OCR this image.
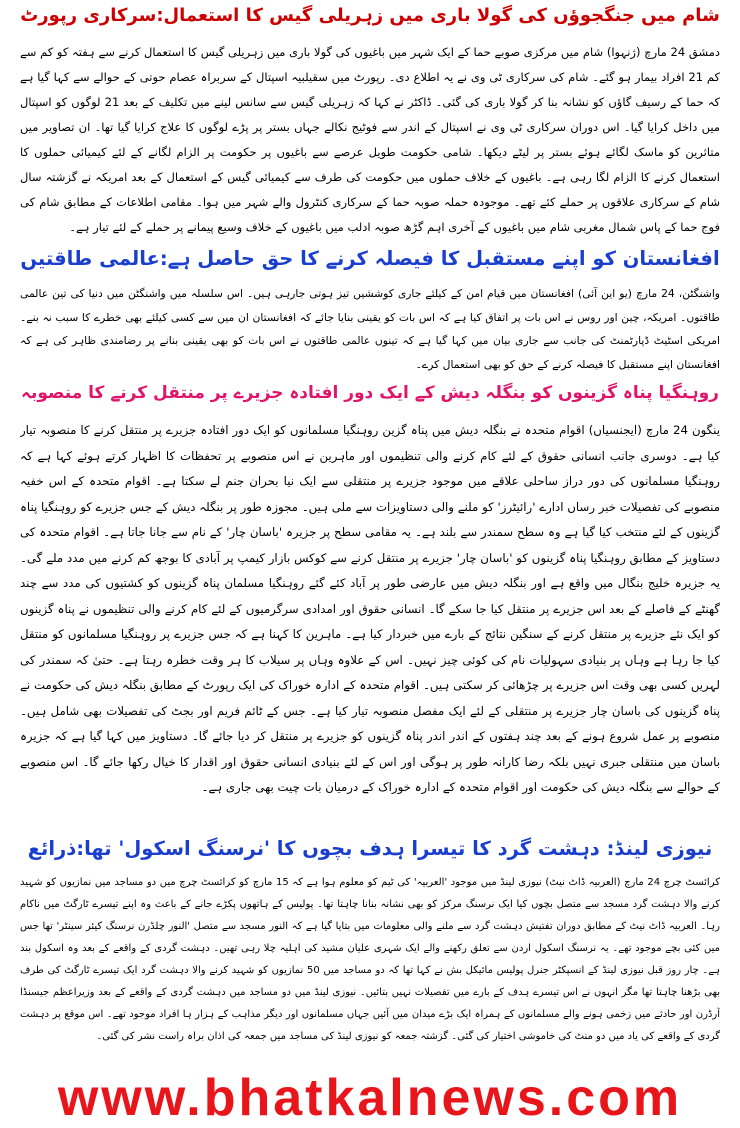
شام میں جنگجوؤں کی گولا باری میں زہریلی گیس کا استعمال:سرکاری رپورٹ

دمشق 24 مارچ (ژنہوا) شام میں مرکزی صوبے حما کے ایک شہر میں باغیوں کی گولا باری میں زہریلی گیس کا استعمال کرنے سے ہفتہ کو کم سے کم 21 افراد بیمار ہو گئے۔ شام کی سرکاری ٹی وی نے یہ اطلاع دی۔ رپورٹ میں سقیلبیہ اسپتال کے سربراہ عصام حوتی کے حوالے سے کہا گیا ہے کہ حما کے رسیف گاؤں کو نشانہ بنا کر گولا باری کی گئی۔ ڈاکٹر نے کہا کہ زہریلی گیس سے سانس لینے میں تکلیف کے بعد 21 لوگوں کو اسپتال میں داخل کرایا گیا۔ اس دوران سرکاری ٹی وی نے اسپتال کے اندر سے فوٹیج نکالے جہاں بستر پر پڑے لوگوں کا علاج کرایا گیا تھا۔ ان تصاویر میں متاثرین کو ماسک لگائے ہوئے بستر پر لیٹے دیکھا۔ شامی حکومت طویل عرصے سے باغیوں پر حکومت پر الزام لگانے کے لئے کیمیائی حملوں کا استعمال کرنے کا الزام لگا رہی ہے۔ باغیوں کے خلاف حملوں میں حکومت کی طرف سے کیمیائی گیس کے استعمال کے بعد امریکہ نے گزشتہ سال شام کے سرکاری علاقوں پر حملے کئے تھے۔ موجودہ حملہ صوبہ حما کے سرکاری کنٹرول والے شہر میں ہوا۔ مقامی اطلاعات کے مطابق شام کی فوج حما کے پاس شمال مغربی شام میں باغیوں کے آخری اہم گڑھ صوبہ ادلب میں باغیوں کے خلاف وسیع پیمانے پر حملے کے لئے تیار ہے۔

افغانستان کو اپنے مستقبل کا فیصلہ کرنے کا حق حاصل ہے:عالمی طاقتیں

واشنگٹن، 24 مارچ (یو این آئی) افغانستان میں قیام امن کے کیلئے جاری کوششیں تیز ہوتی جارہی ہیں۔ اس سلسلہ میں واشنگٹن میں دنیا کی تین عالمی طاقتوں۔ امریکہ، چین اور روس نے اس بات پر اتفاق کیا ہے کہ اس بات کو یقینی بنایا جائے کہ افغانستان ان میں سے کسی کیلئے بھی خطرے کا سبب نہ بنے۔ امریکی اسٹیٹ ڈپارٹمنٹ کی جانب سے جاری بیان میں کہا گیا ہے کہ تینوں عالمی طاقتوں نے اس بات کو بھی یقینی بنانے پر رضامندی ظاہر کی ہے کہ افغانستان اپنے مستقبل کا فیصلہ کرنے کے حق کو بھی استعمال کرے۔

روہنگیا پناہ گزینوں کو بنگلہ دیش کے ایک دور افتادہ جزیرے پر منتقل کرنے کا منصوبہ

ینگون 24 مارچ (ایجنسیاں) اقوام متحدہ نے بنگلہ دیش میں پناہ گزین روہنگیا مسلمانوں کو ایک دور افتادہ جزیرے پر منتقل کرنے کا منصوبہ تیار کیا ہے۔ دوسری جانب انسانی حقوق کے لئے کام کرنے والی تنظیموں اور ماہرین نے اس منصوبے پر تحفظات کا اظہار کرتے ہوئے کہا ہے کہ روہنگیا مسلمانوں کی دور دراز ساحلی علاقے میں موجود جزیرے پر منتقلی سے ایک نیا بحران جنم لے سکتا ہے۔ اقوام متحدہ کے اس خفیہ منصوبے کی تفصیلات خبر رساں ادارے 'رائیٹرز' کو ملنے والی دستاویزات سے ملی ہیں۔ مجوزہ طور پر بنگلہ دیش کے جس جزیرے کو روہنگیا پناہ گزینوں کے لئے منتخب کیا گیا ہے وہ سطح سمندر سے بلند ہے۔ یہ مقامی سطح پر جزیرہ 'باسان چار' کے نام سے جانا جاتا ہے۔ اقوام متحدہ کی دستاویز کے مطابق روہنگیا پناہ گزینوں کو 'باسان چار' جزیرے پر منتقل کرنے سے کوکس بازار کیمپ پر آبادی کا بوجھ کم کرنے میں مدد ملے گی۔ یہ جزیرہ خلیج بنگال میں واقع ہے اور بنگلہ دیش میں عارضی طور پر آباد کئے گئے روہنگیا مسلمان پناہ گزینوں کو کشتیوں کی مدد سے چند گھنٹے کے فاصلے کے بعد اس جزیرے پر منتقل کیا جا سکے گا۔ انسانی حقوق اور امدادی سرگرمیوں کے لئے کام کرنے والی تنظیموں نے پناہ گزینوں کو ایک نئے جزیرے پر منتقل کرنے کے سنگین نتائج کے بارے میں خبردار کیا ہے۔ ماہرین کا کہنا ہے کہ جس جزیرے پر روہنگیا مسلمانوں کو منتقل کیا جا رہا ہے وہاں پر بنیادی سہولیات نام کی کوئی چیز نہیں۔ اس کے علاوہ وہاں پر سیلاب کا ہر وقت خطرہ رہتا ہے۔ حتیٰ کہ سمندر کی لہریں کسی بھی وقت اس جزیرے پر چڑھائی کر سکتی ہیں۔ اقوام متحدہ کے ادارہ خوراک کی ایک رپورٹ کے مطابق بنگلہ دیش کی حکومت نے پناہ گزینوں کی باسان چار جزیرے پر منتقلی کے لئے ایک مفصل منصوبہ تیار کیا ہے۔ جس کے ٹائم فریم اور بجٹ کی تفصیلات بھی شامل ہیں۔ منصوبے پر عمل شروع ہونے کے بعد چند ہفتوں کے اندر اندر پناہ گزینوں کو جزیرے پر منتقل کر دیا جائے گا۔ دستاویز میں کہا گیا ہے کہ جزیرہ باسان میں منتقلی جبری نہیں بلکہ رضا کارانہ طور پر ہوگی اور اس کے لئے بنیادی انسانی حقوق اور اقدار کا خیال رکھا جائے گا۔ اس منصوبے کے حوالے سے بنگلہ دیش کی حکومت اور اقوام متحدہ کے ادارہ خوراک کے درمیان بات چیت بھی جاری ہے۔

نیوزی لینڈ: دہشت گرد کا تیسرا ہدف بچوں کا 'نرسنگ اسکول' تھا:ذرائع

کرائسٹ چرچ 24 مارچ (العربیہ ڈاٹ نیٹ) نیوزی لینڈ میں موجود 'العربیہ' کی ٹیم کو معلوم ہوا ہے کہ 15 مارچ کو کرائسٹ چرچ میں دو مساجد میں نمازیوں کو شہید کرنے والا دہشت گرد مسجد سے متصل بچوں کیا ایک نرسنگ مرکز کو بھی نشانہ بنانا چاہتا تھا۔ پولیس کے ہاتھوں پکڑے جانے کے باعث وہ اپنے تیسرے ٹارگٹ میں ناکام رہا۔ العربیہ ڈاٹ نیٹ کے مطابق دوران تفتیش دہشت گرد سے ملنے والی معلومات میں بتایا گیا ہے کہ النور مسجد سے متصل 'النور چلڈرن نرسنگ کیئر سینٹر' تھا جس میں کئی بچے موجود تھے۔ یہ نرسنگ اسکول اردن سے تعلق رکھنے والے ایک شہری علیان مشید کی اہلیہ چلا رہی تھیں۔ دہشت گردی کے واقعے کے بعد وہ اسکول بند ہے۔ چار روز قبل نیوزی لینڈ کے انسپکٹر جنرل پولیس مائیکل بش نے کہا تھا کہ دو مساجد میں 50 نمازیوں کو شہید کرنے والا دہشت گرد ایک تیسرے ٹارگٹ کی طرف بھی بڑھنا چاہتا تھا مگر انہوں نے اس تیسرے ہدف کے بارے میں تفصیلات نہیں بتائیں۔ نیوزی لینڈ میں دو مساجد میں دہشت گردی کے واقعے کے بعد وزیراعظم جیسنڈا آرڈرن اور حادثے میں زخمی ہونے والے مسلمانوں کے ہمراہ ایک بڑے میدان میں آئیں جہاں مسلمانوں اور دیگر مذاہب کے ہزار ہا افراد موجود تھے۔ اس موقع پر دہشت گردی کے واقعے کی یاد میں دو منٹ کی خاموشی اختیار کی گئی۔ گزشتہ جمعہ کو نیوزی لینڈ کی مساجد میں جمعہ کی اذان براہ راست نشر کی گئی۔

www.bhatkalnews.com
